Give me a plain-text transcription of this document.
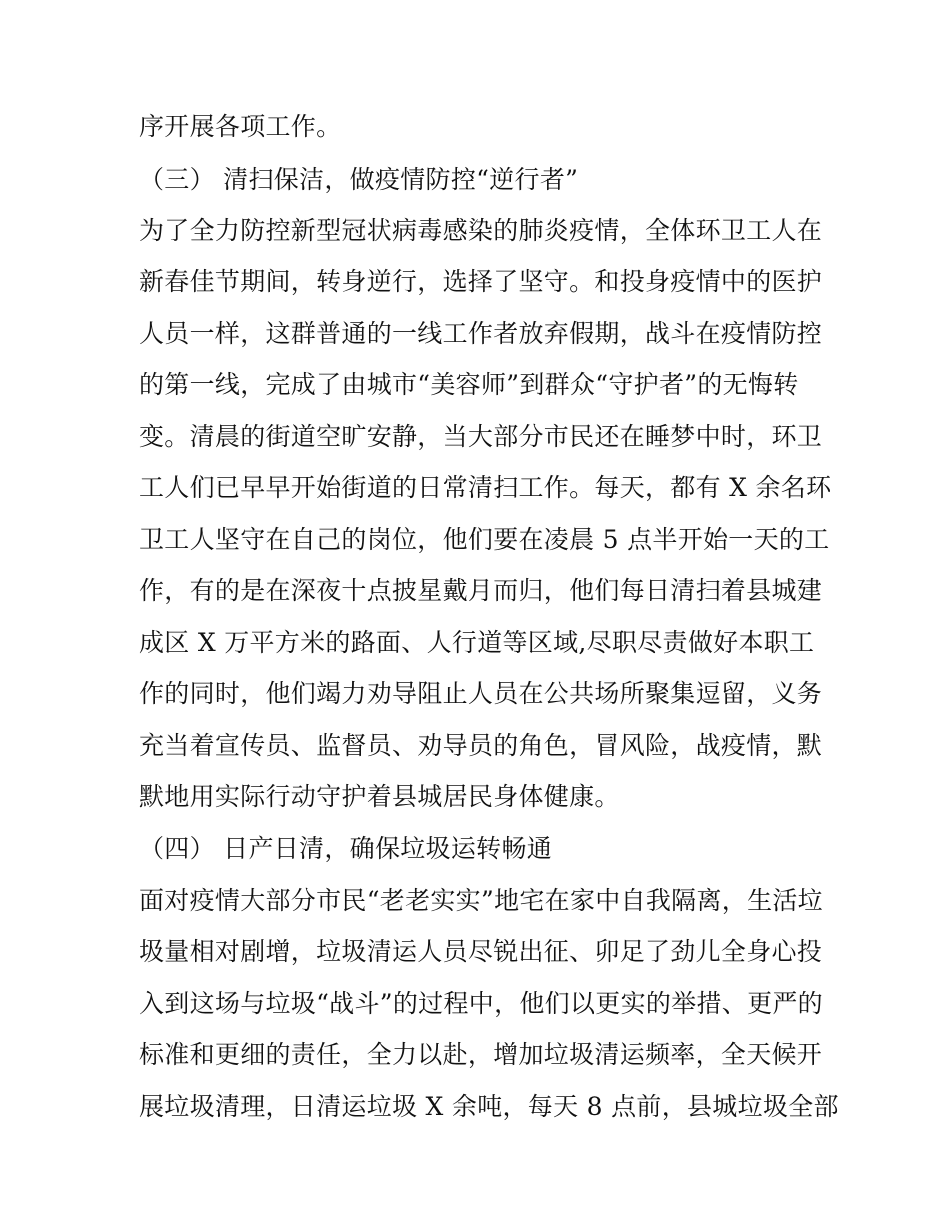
序开展各项工作。
（三） 清扫保洁，做疫情防控“逆行者”
为了全力防控新型冠状病毒感染的肺炎疫情，全体环卫工人在
新春佳节期间，转身逆行，选择了坚守。和投身疫情中的医护
人员一样，这群普通的一线工作者放弃假期，战斗在疫情防控
的第一线，完成了由城市“美容师”到群众“守护者”的无悔转
变。清晨的街道空旷安静，当大部分市民还在睡梦中时，环卫
工人们已早早开始街道的日常清扫工作。每天，都有 X 余名环
卫工人坚守在自己的岗位，他们要在凌晨 5 点半开始一天的工
作，有的是在深夜十点披星戴月而归，他们每日清扫着县城建
成区 X 万平方米的路面、人行道等区域,尽职尽责做好本职工
作的同时，他们竭力劝导阻止人员在公共场所聚集逗留，义务
充当着宣传员、监督员、劝导员的角色，冒风险，战疫情，默
默地用实际行动守护着县城居民身体健康。
（四） 日产日清，确保垃圾运转畅通
面对疫情大部分市民“老老实实”地宅在家中自我隔离，生活垃
圾量相对剧增，垃圾清运人员尽锐出征、卯足了劲儿全身心投
入到这场与垃圾“战斗”的过程中，他们以更实的举措、更严的
标准和更细的责任，全力以赴，增加垃圾清运频率，全天候开
展垃圾清理，日清运垃圾 X 余吨，每天 8 点前，县城垃圾全部
